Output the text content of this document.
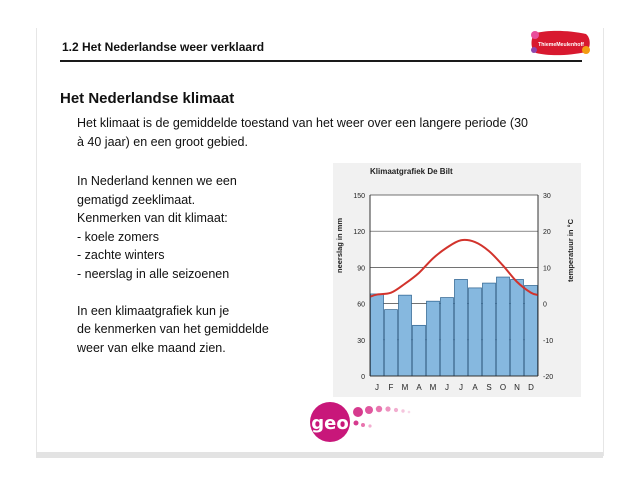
1.2 Het Nederlandse weer verklaard	ThiemeMeulenhoff
Het Nederlandse klimaat
Het klimaat is de gemiddelde toestand van het weer over een langere periode (30 à 40 jaar) en een groot gebied.
In Nederland kennen we een
gematigd zeeklimaat.
Kenmerken van dit klimaat:
- koele zomers
- zachte winters
- neerslag in alle seizoenen
In een klimaatgrafiek kun je
de kenmerken van het gemiddelde
weer van elke maand zien.
Klimaatgrafiek De Bilt
0	-20
30	-10
60	0
90	10
120	20
150	30
J F M A M J J A S O N D
neerslag in mm	temperatuur in °C
geo
